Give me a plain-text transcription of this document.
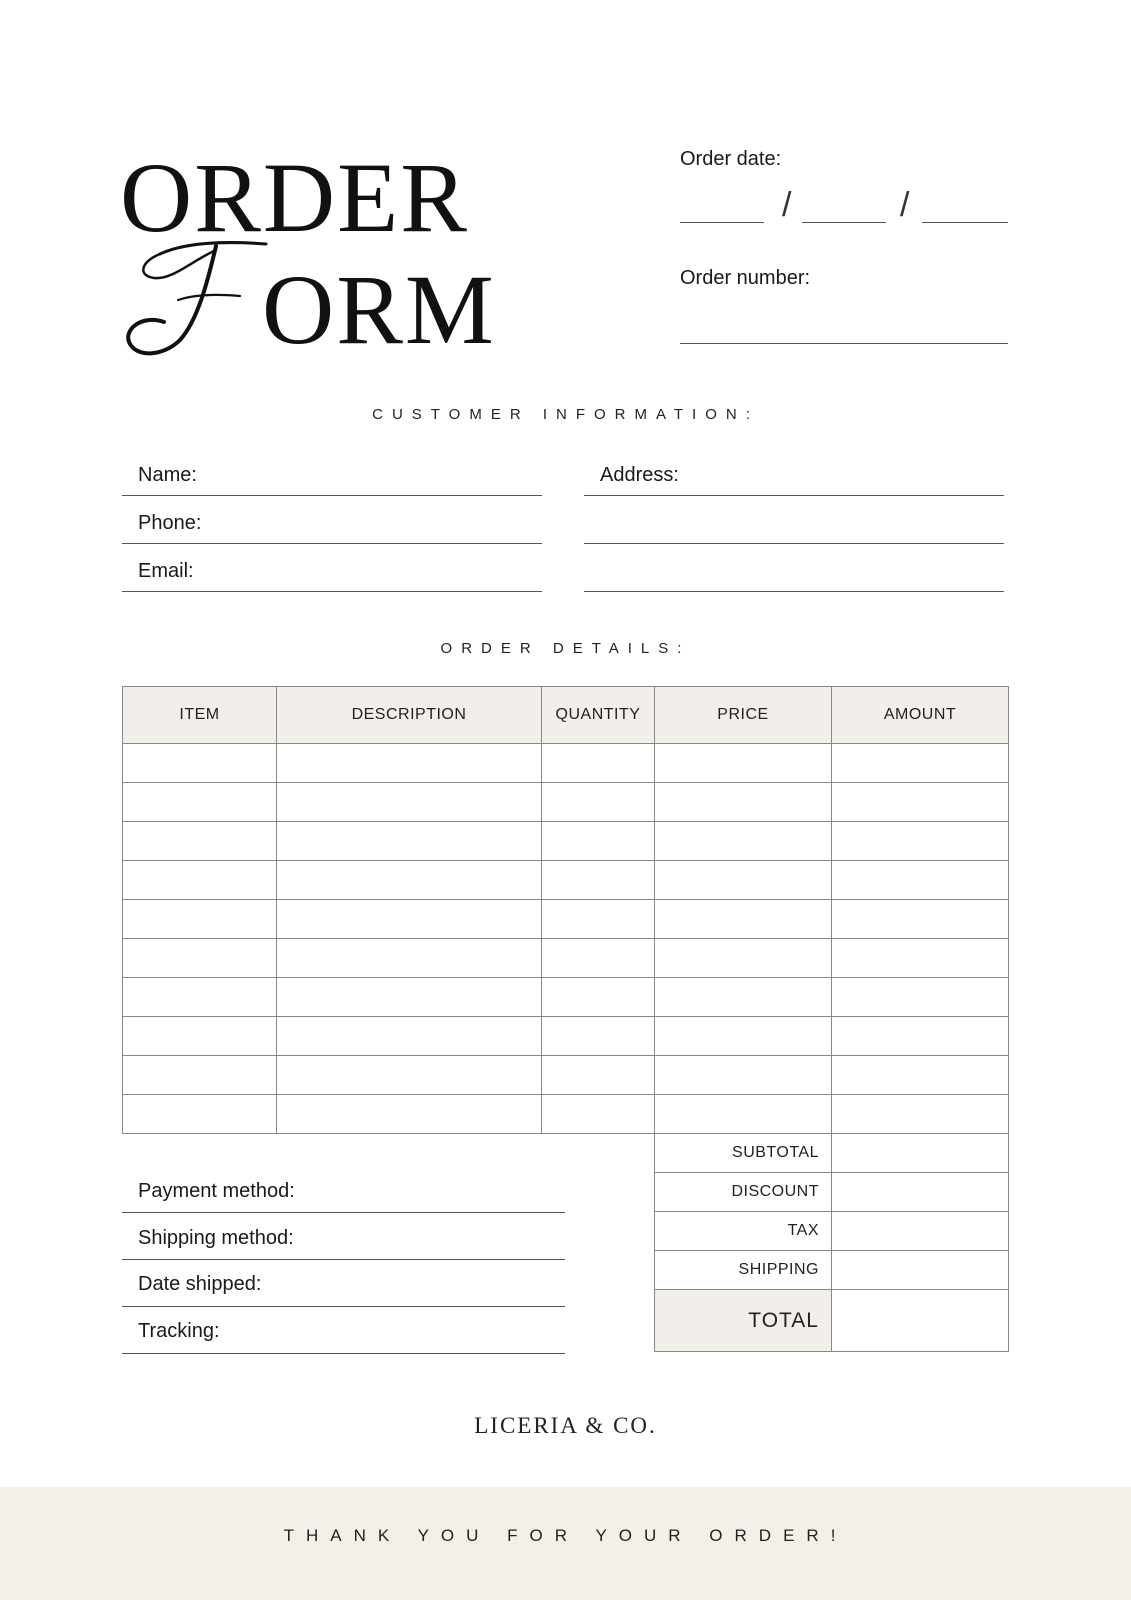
ORDER
ORM
Order date:
/	/
Order number:
CUSTOMER INFORMATION:
Name:
Phone:
Email:
Address:
ORDER DETAILS:
ITEM	DESCRIPTION	QUANTITY	PRICE	AMOUNT

SUBTOTAL	
DISCOUNT	
TAX	
SHIPPING	
TOTAL	
Payment method:
Shipping method:
Date shipped:
Tracking:
LICERIA & CO.
THANK YOU FOR YOUR ORDER!
